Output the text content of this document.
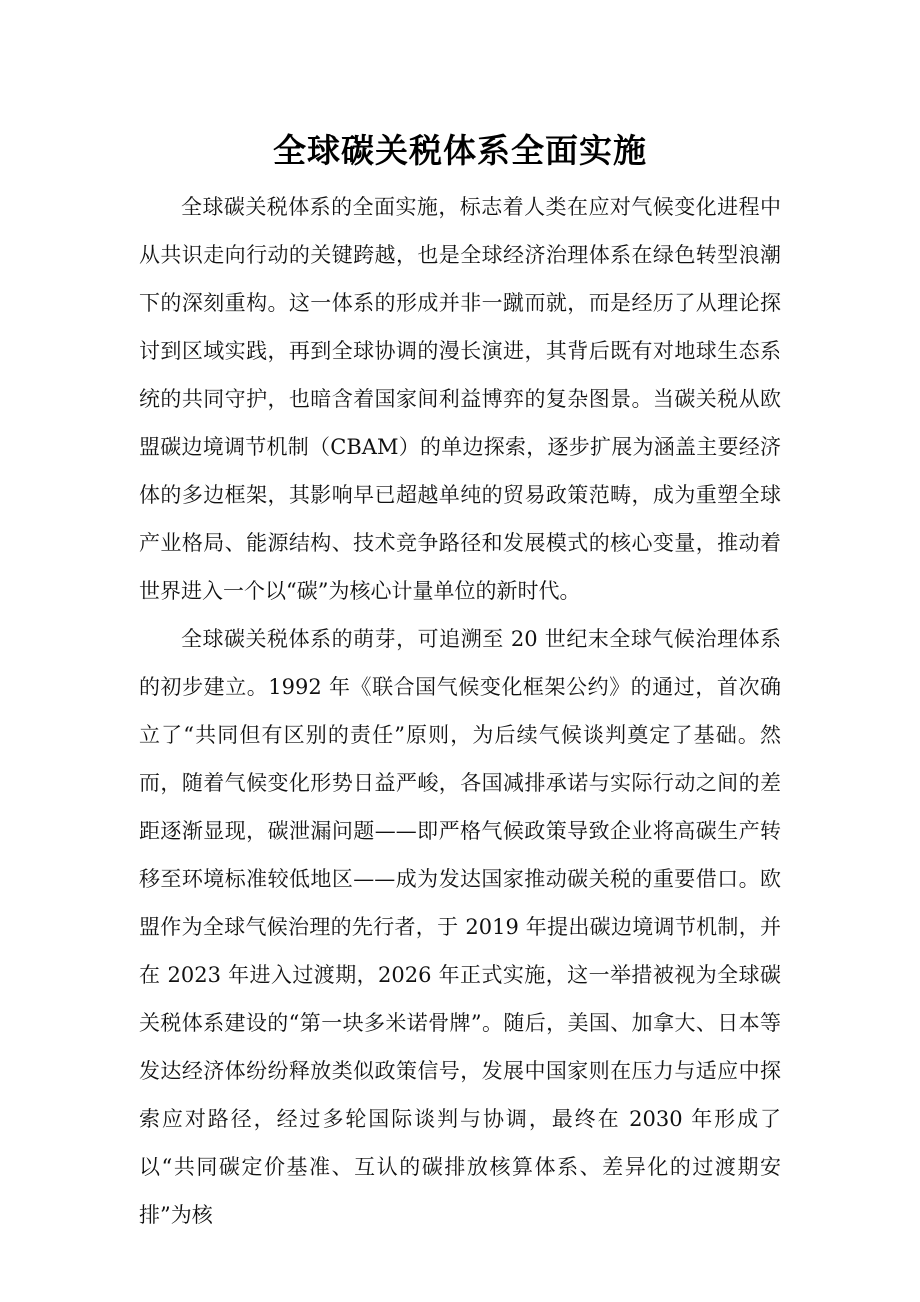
全球碳关税体系全面实施

全球碳关税体系的全面实施，标志着人类在应对气候变化进程中从共识走向行动的关键跨越，也是全球经济治理体系在绿色转型浪潮下的深刻重构。这一体系的形成并非一蹴而就，而是经历了从理论探讨到区域实践，再到全球协调的漫长演进，其背后既有对地球生态系统的共同守护，也暗含着国家间利益博弈的复杂图景。当碳关税从欧盟碳边境调节机制（CBAM）的单边探索，逐步扩展为涵盖主要经济体的多边框架，其影响早已超越单纯的贸易政策范畴，成为重塑全球产业格局、能源结构、技术竞争路径和发展模式的核心变量，推动着世界进入一个以“碳”为核心计量单位的新时代。

全球碳关税体系的萌芽，可追溯至 20 世纪末全球气候治理体系的初步建立。1992 年《联合国气候变化框架公约》的通过，首次确立了“共同但有区别的责任”原则，为后续气候谈判奠定了基础。然而，随着气候变化形势日益严峻，各国减排承诺与实际行动之间的差距逐渐显现，碳泄漏问题——即严格气候政策导致企业将高碳生产转移至环境标准较低地区——成为发达国家推动碳关税的重要借口。欧盟作为全球气候治理的先行者，于 2019 年提出碳边境调节机制，并在 2023 年进入过渡期，2026 年正式实施，这一举措被视为全球碳关税体系建设的“第一块多米诺骨牌”。随后，美国、加拿大、日本等发达经济体纷纷释放类似政策信号，发展中国家则在压力与适应中探索应对路径，经过多轮国际谈判与协调，最终在 2030 年形成了以“共同碳定价基准、互认的碳排放核算体系、差异化的过渡期安排”为核
